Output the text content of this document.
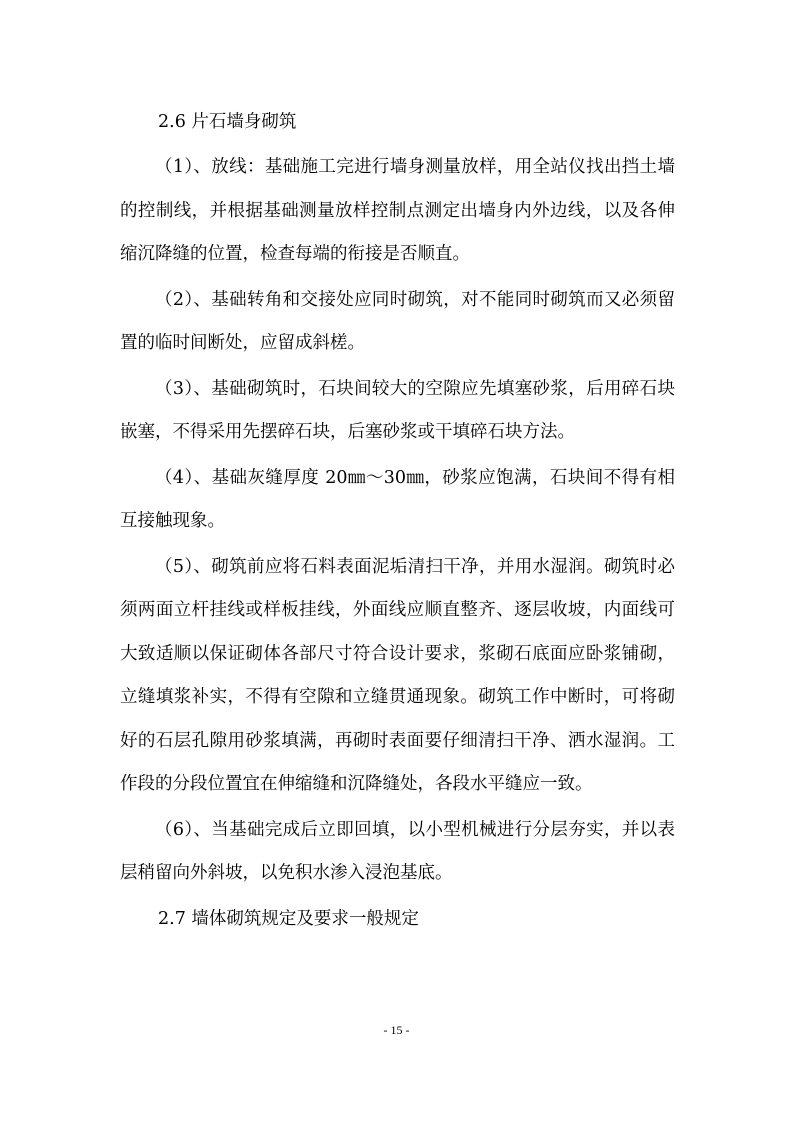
2.6 片石墙身砌筑

（1）、放线：基础施工完进行墙身测量放样，用全站仪找出挡土墙的控制线，并根据基础测量放样控制点测定出墙身内外边线，以及各伸缩沉降缝的位置，检查每端的衔接是否顺直。

（2）、基础转角和交接处应同时砌筑，对不能同时砌筑而又必须留置的临时间断处，应留成斜槎。

（3）、基础砌筑时，石块间较大的空隙应先填塞砂浆，后用碎石块嵌塞，不得采用先摆碎石块，后塞砂浆或干填碎石块方法。

（4）、基础灰缝厚度 20㎜～30㎜，砂浆应饱满，石块间不得有相互接触现象。

（5）、砌筑前应将石料表面泥垢清扫干净，并用水湿润。砌筑时必须两面立杆挂线或样板挂线，外面线应顺直整齐、逐层收坡，内面线可大致适顺以保证砌体各部尺寸符合设计要求，浆砌石底面应卧浆铺砌，立缝填浆补实，不得有空隙和立缝贯通现象。砌筑工作中断时，可将砌好的石层孔隙用砂浆填满，再砌时表面要仔细清扫干净、洒水湿润。工作段的分段位置宜在伸缩缝和沉降缝处，各段水平缝应一致。

（6）、当基础完成后立即回填，以小型机械进行分层夯实，并以表层稍留向外斜坡，以免积水渗入浸泡基底。

2.7 墙体砌筑规定及要求一般规定
- 15 -
